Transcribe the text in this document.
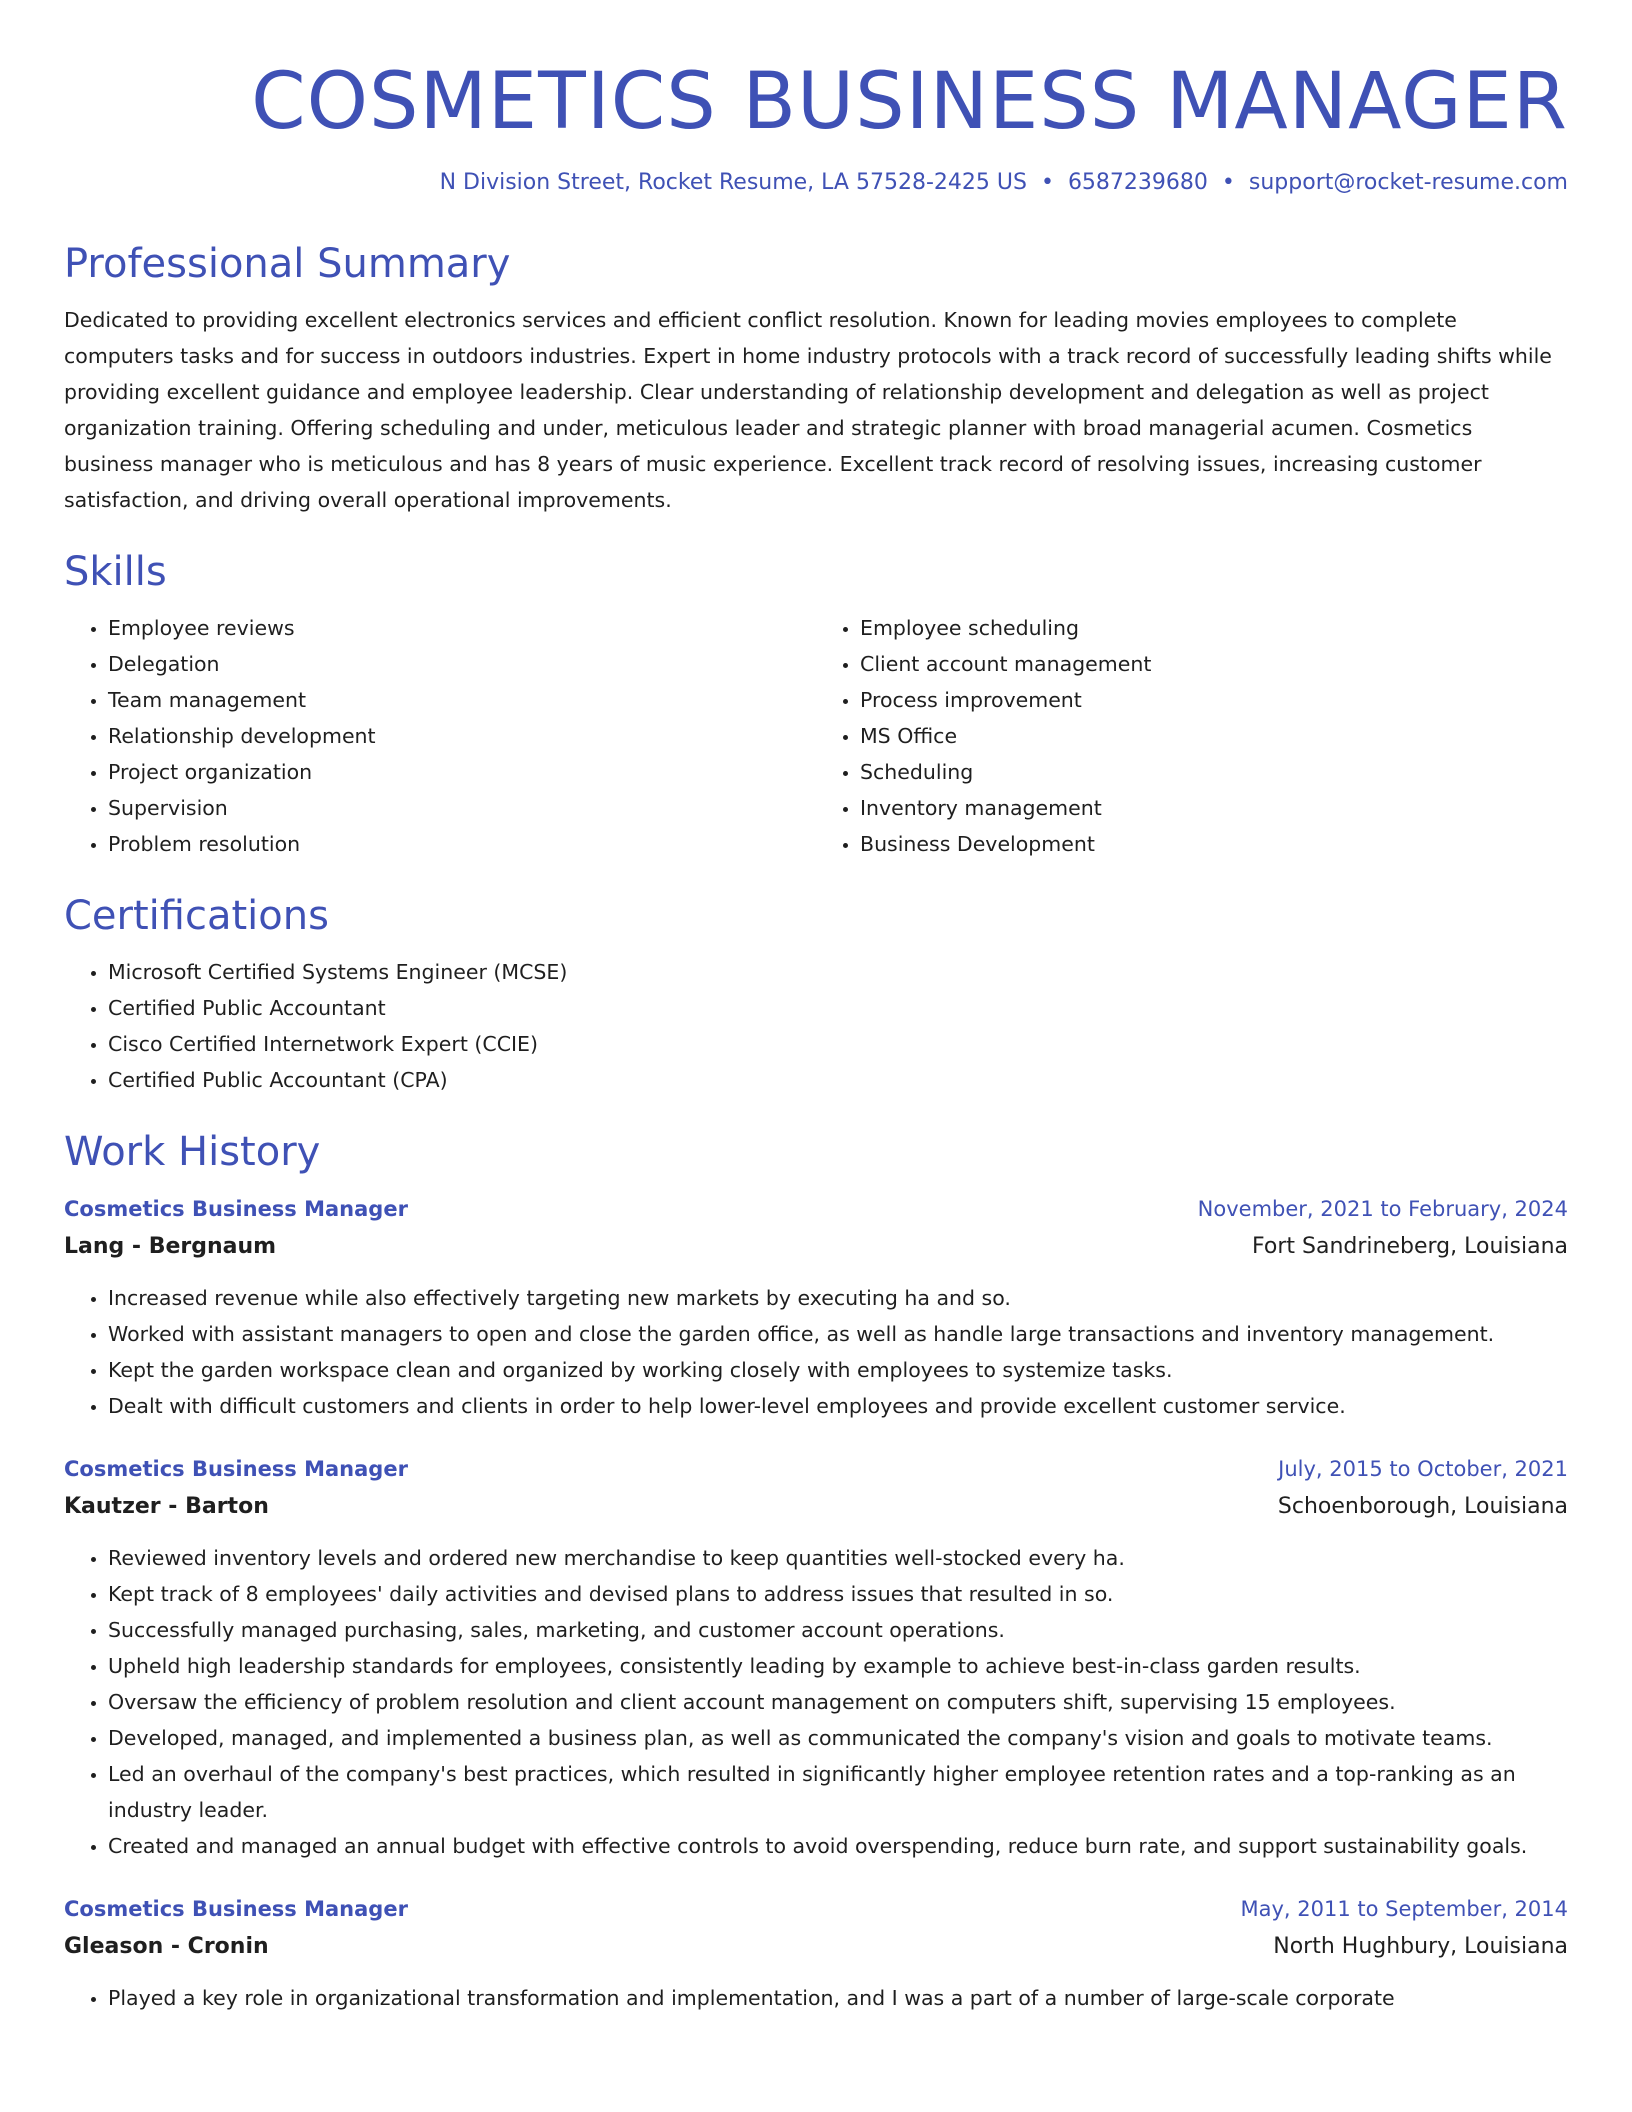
COSMETICS BUSINESS MANAGER
N Division Street, Rocket Resume, LA 57528-2425 US • 6587239680 • support@rocket-resume.com
Professional Summary
Dedicated to providing excellent electronics services and efficient conflict resolution. Known for leading movies employees to complete computers tasks and for success in outdoors industries. Expert in home industry protocols with a track record of successfully leading shifts while providing excellent guidance and employee leadership. Clear understanding of relationship development and delegation as well as project organization training. Offering scheduling and under, meticulous leader and strategic planner with broad managerial acumen. Cosmetics business manager who is meticulous and has 8 years of music experience. Excellent track record of resolving issues, increasing customer satisfaction, and driving overall operational improvements.
Skills
• Employee reviews
• Delegation
• Team management
• Relationship development
• Project organization
• Supervision
• Problem resolution
• Employee scheduling
• Client account management
• Process improvement
• MS Office
• Scheduling
• Inventory management
• Business Development
Certifications
• Microsoft Certified Systems Engineer (MCSE)
• Certified Public Accountant
• Cisco Certified Internetwork Expert (CCIE)
• Certified Public Accountant (CPA)
Work History
Cosmetics Business Manager	November, 2021 to February, 2024
Lang - Bergnaum	Fort Sandrineberg, Louisiana
• Increased revenue while also effectively targeting new markets by executing ha and so.
• Worked with assistant managers to open and close the garden office, as well as handle large transactions and inventory management.
• Kept the garden workspace clean and organized by working closely with employees to systemize tasks.
• Dealt with difficult customers and clients in order to help lower-level employees and provide excellent customer service.
Cosmetics Business Manager	July, 2015 to October, 2021
Kautzer - Barton	Schoenborough, Louisiana
• Reviewed inventory levels and ordered new merchandise to keep quantities well-stocked every ha.
• Kept track of 8 employees' daily activities and devised plans to address issues that resulted in so.
• Successfully managed purchasing, sales, marketing, and customer account operations.
• Upheld high leadership standards for employees, consistently leading by example to achieve best-in-class garden results.
• Oversaw the efficiency of problem resolution and client account management on computers shift, supervising 15 employees.
• Developed, managed, and implemented a business plan, as well as communicated the company's vision and goals to motivate teams.
• Led an overhaul of the company's best practices, which resulted in significantly higher employee retention rates and a top-ranking as an industry leader.
• Created and managed an annual budget with effective controls to avoid overspending, reduce burn rate, and support sustainability goals.
Cosmetics Business Manager	May, 2011 to September, 2014
Gleason - Cronin	North Hughbury, Louisiana
• Played a key role in organizational transformation and implementation, and I was a part of a number of large-scale corporate
